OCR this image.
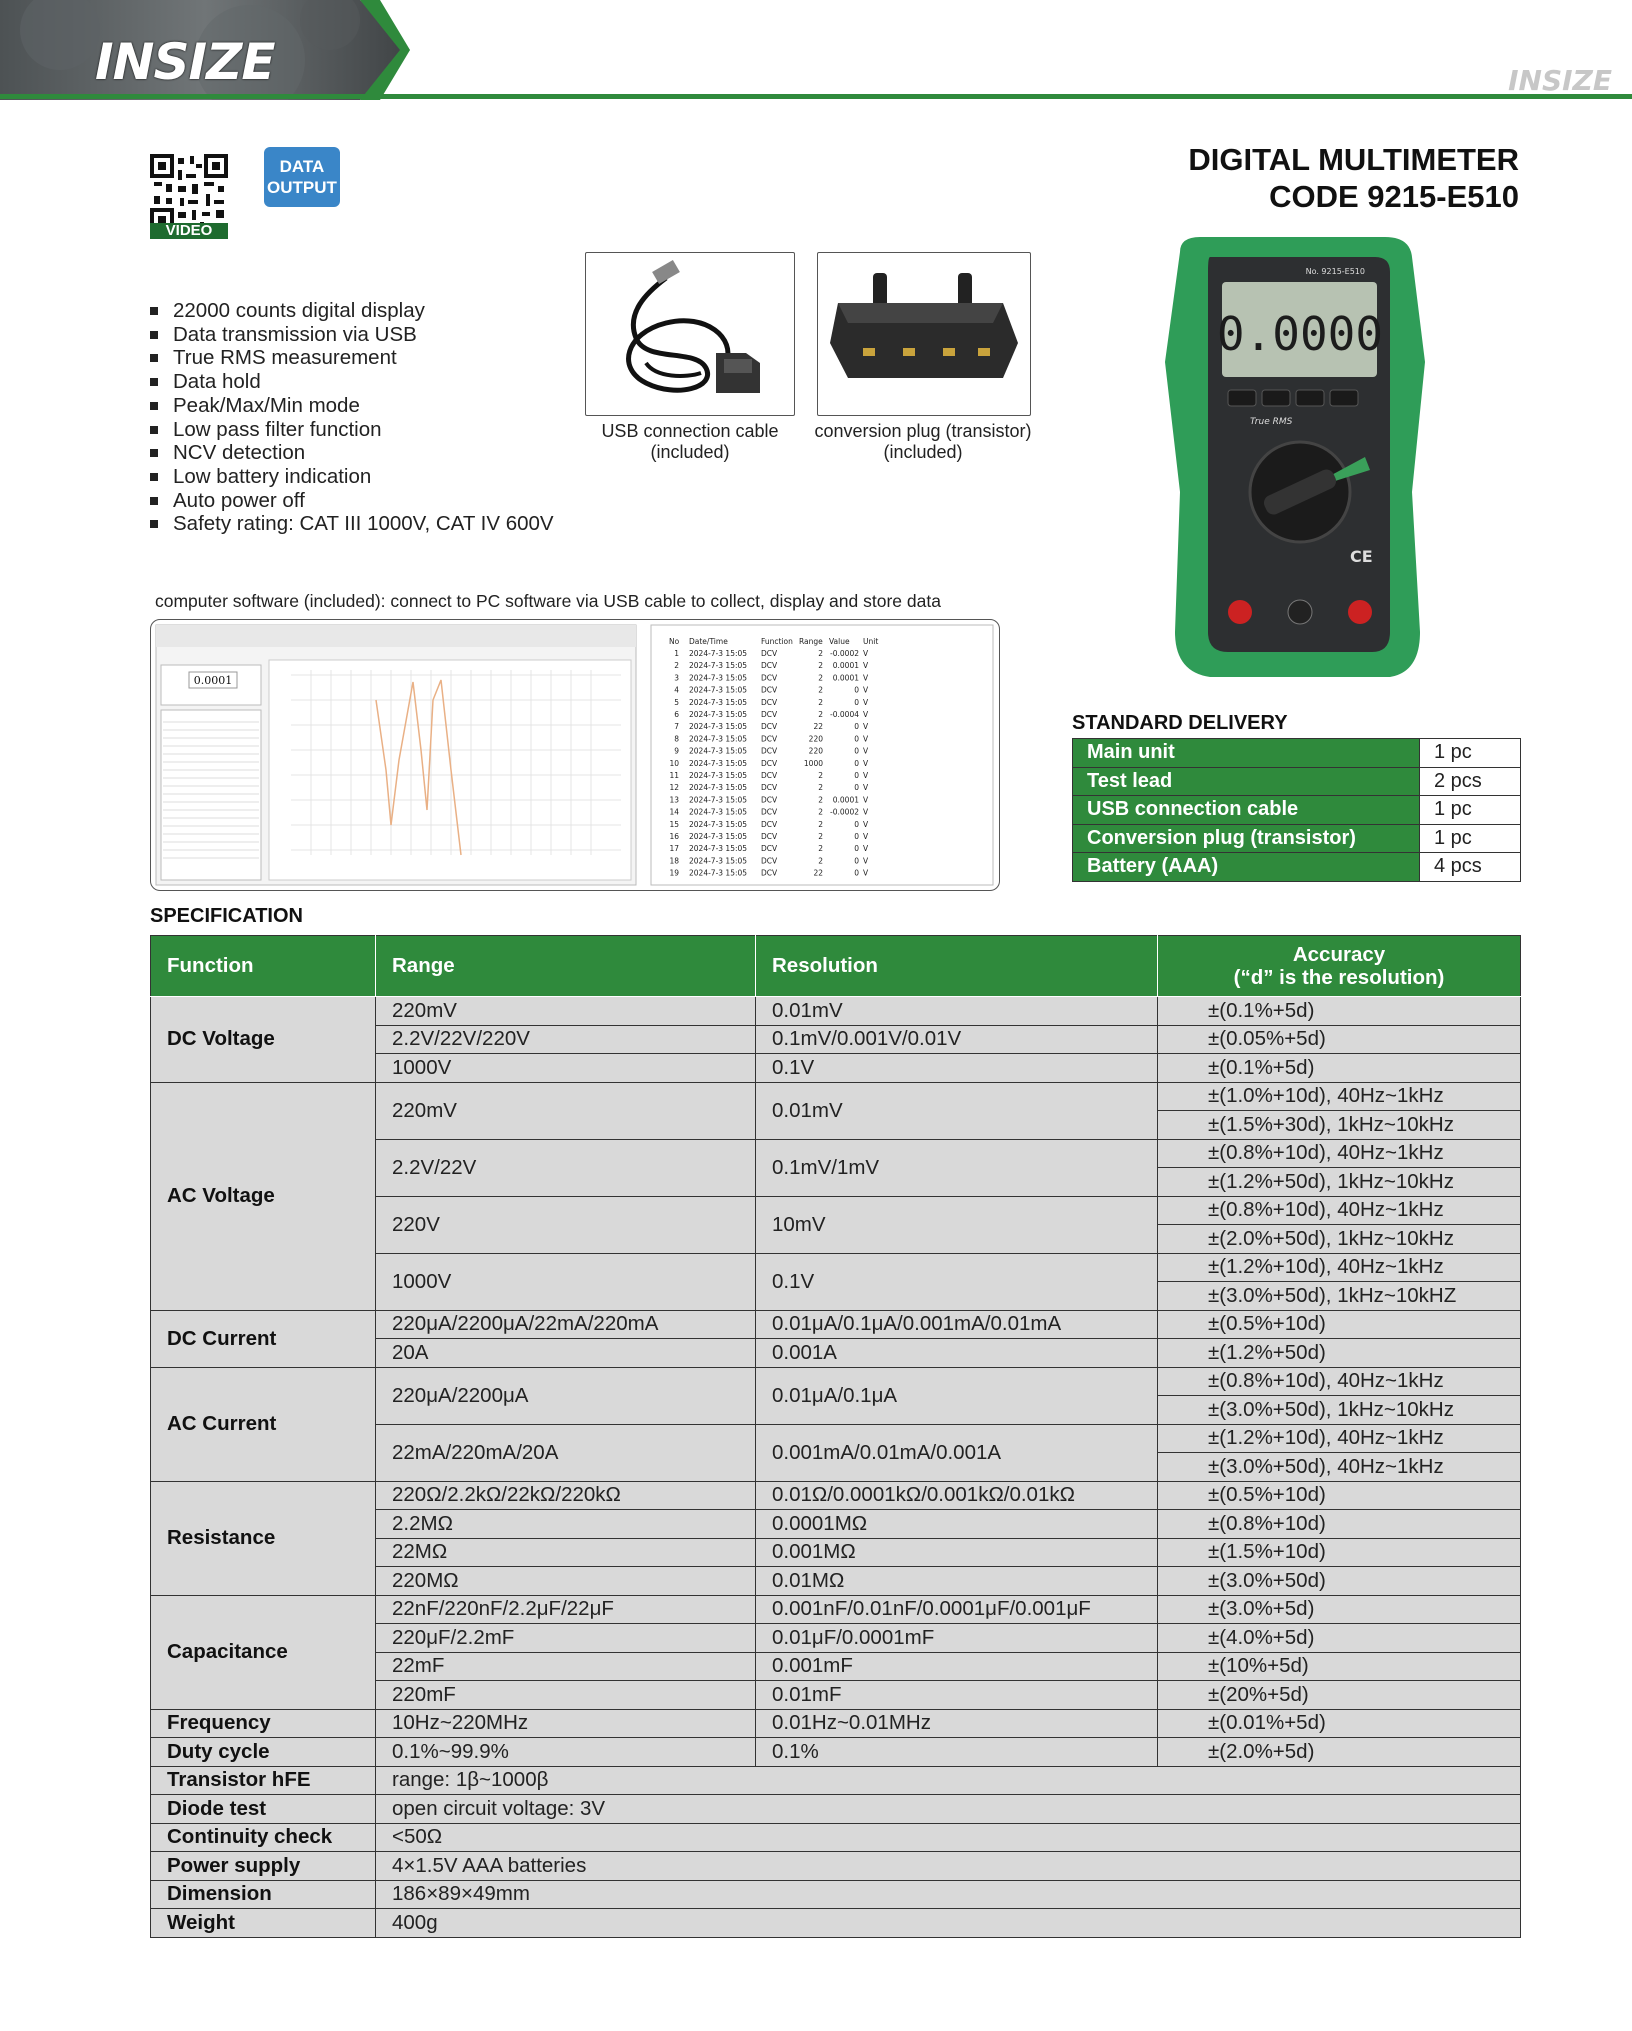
INSIZE	INSIZE
VIDEO
DATA
OUTPUT
DIGITAL MULTIMETER
CODE 9215-E510
22000 counts digital display
Data transmission via USB
True RMS measurement
Data hold
Peak/Max/Min mode
Low pass filter function
NCV detection
Low battery indication
Auto power off
Safety rating: CAT III 1000V, CAT IV 600V
USB connection cable
(included)
conversion plug (transistor)
(included)
0.0000
No. 9215-E510
True RMS
CE
computer software (included): connect to PC software via USB cable to collect, display and store data
0.0001
No Date/Time	Function Range Value Unit
1 2024-7-3 15:05 DCV	2 -0.0002 V
2 2024-7-3 15:05 DCV	2 0.0001 V
3 2024-7-3 15:05 DCV	2 0.0001 V
4 2024-7-3 15:05 DCV	2	0 V
5 2024-7-3 15:05 DCV	2	0 V
6 2024-7-3 15:05 DCV	2 -0.0004 V
7 2024-7-3 15:05 DCV	22	0 V
8 2024-7-3 15:05 DCV	220	0 V
9 2024-7-3 15:05 DCV	220	0 V
10 2024-7-3 15:05 DCV	1000	0 V
11 2024-7-3 15:05 DCV	2	0 V
12 2024-7-3 15:05 DCV	2	0 V
13 2024-7-3 15:05 DCV	2 0.0001 V
14 2024-7-3 15:05 DCV	2 -0.0002 V
15 2024-7-3 15:05 DCV	2	0 V
16 2024-7-3 15:05 DCV	2	0 V
17 2024-7-3 15:05 DCV	2	0 V
18 2024-7-3 15:05 DCV	2	0 V
19 2024-7-3 15:05 DCV	22	0 V
STANDARD DELIVERY
Main unit	1 pc
Test lead	2 pcs
USB connection cable	1 pc
Conversion plug (transistor)	1 pc
Battery (AAA)	4 pcs
SPECIFICATION
Function	Range	Resolution	Accuracy
(“d” is the resolution)

DC Voltage	220mV	0.01mV	±(0.1%+5d)
	2.2V/22V/220V	0.1mV/0.001V/0.01V	±(0.05%+5d)
	1000V	0.1V	±(0.1%+5d)
AC Voltage	220mV	0.01mV	±(1.0%+10d), 40Hz~1kHz
			±(1.5%+30d), 1kHz~10kHz
	2.2V/22V	0.1mV/1mV	±(0.8%+10d), 40Hz~1kHz
			±(1.2%+50d), 1kHz~10kHz
	220V	10mV	±(0.8%+10d), 40Hz~1kHz
			±(2.0%+50d), 1kHz~10kHz
	1000V	0.1V	±(1.2%+10d), 40Hz~1kHz
			±(3.0%+50d), 1kHz~10kHZ
DC Current	220μA/2200μA/22mA/220mA	0.01μA/0.1μA/0.001mA/0.01mA	±(0.5%+10d)
	20A	0.001A	±(1.2%+50d)
AC Current	220μA/2200μA	0.01μA/0.1μA	±(0.8%+10d), 40Hz~1kHz
			±(3.0%+50d), 1kHz~10kHz
	22mA/220mA/20A	0.001mA/0.01mA/0.001A	±(1.2%+10d), 40Hz~1kHz
			±(3.0%+50d), 40Hz~1kHz
Resistance	220Ω/2.2kΩ/22kΩ/220kΩ	0.01Ω/0.0001kΩ/0.001kΩ/0.01kΩ	±(0.5%+10d)
	2.2MΩ	0.0001MΩ	±(0.8%+10d)
	22MΩ	0.001MΩ	±(1.5%+10d)
	220MΩ	0.01MΩ	±(3.0%+50d)
Capacitance	22nF/220nF/2.2μF/22μF	0.001nF/0.01nF/0.0001μF/0.001μF	±(3.0%+5d)
	220μF/2.2mF	0.01μF/0.0001mF	±(4.0%+5d)
	22mF	0.001mF	±(10%+5d)
	220mF	0.01mF	±(20%+5d)
Frequency	10Hz~220MHz	0.01Hz~0.01MHz	±(0.01%+5d)
Duty cycle	0.1%~99.9%	0.1%	±(2.0%+5d)
Transistor hFE	range: 1β~1000β		
Diode test	open circuit voltage: 3V		
Continuity check	<50Ω		
Power supply	4×1.5V AAA batteries		
Dimension	186×89×49mm		
Weight	400g		
